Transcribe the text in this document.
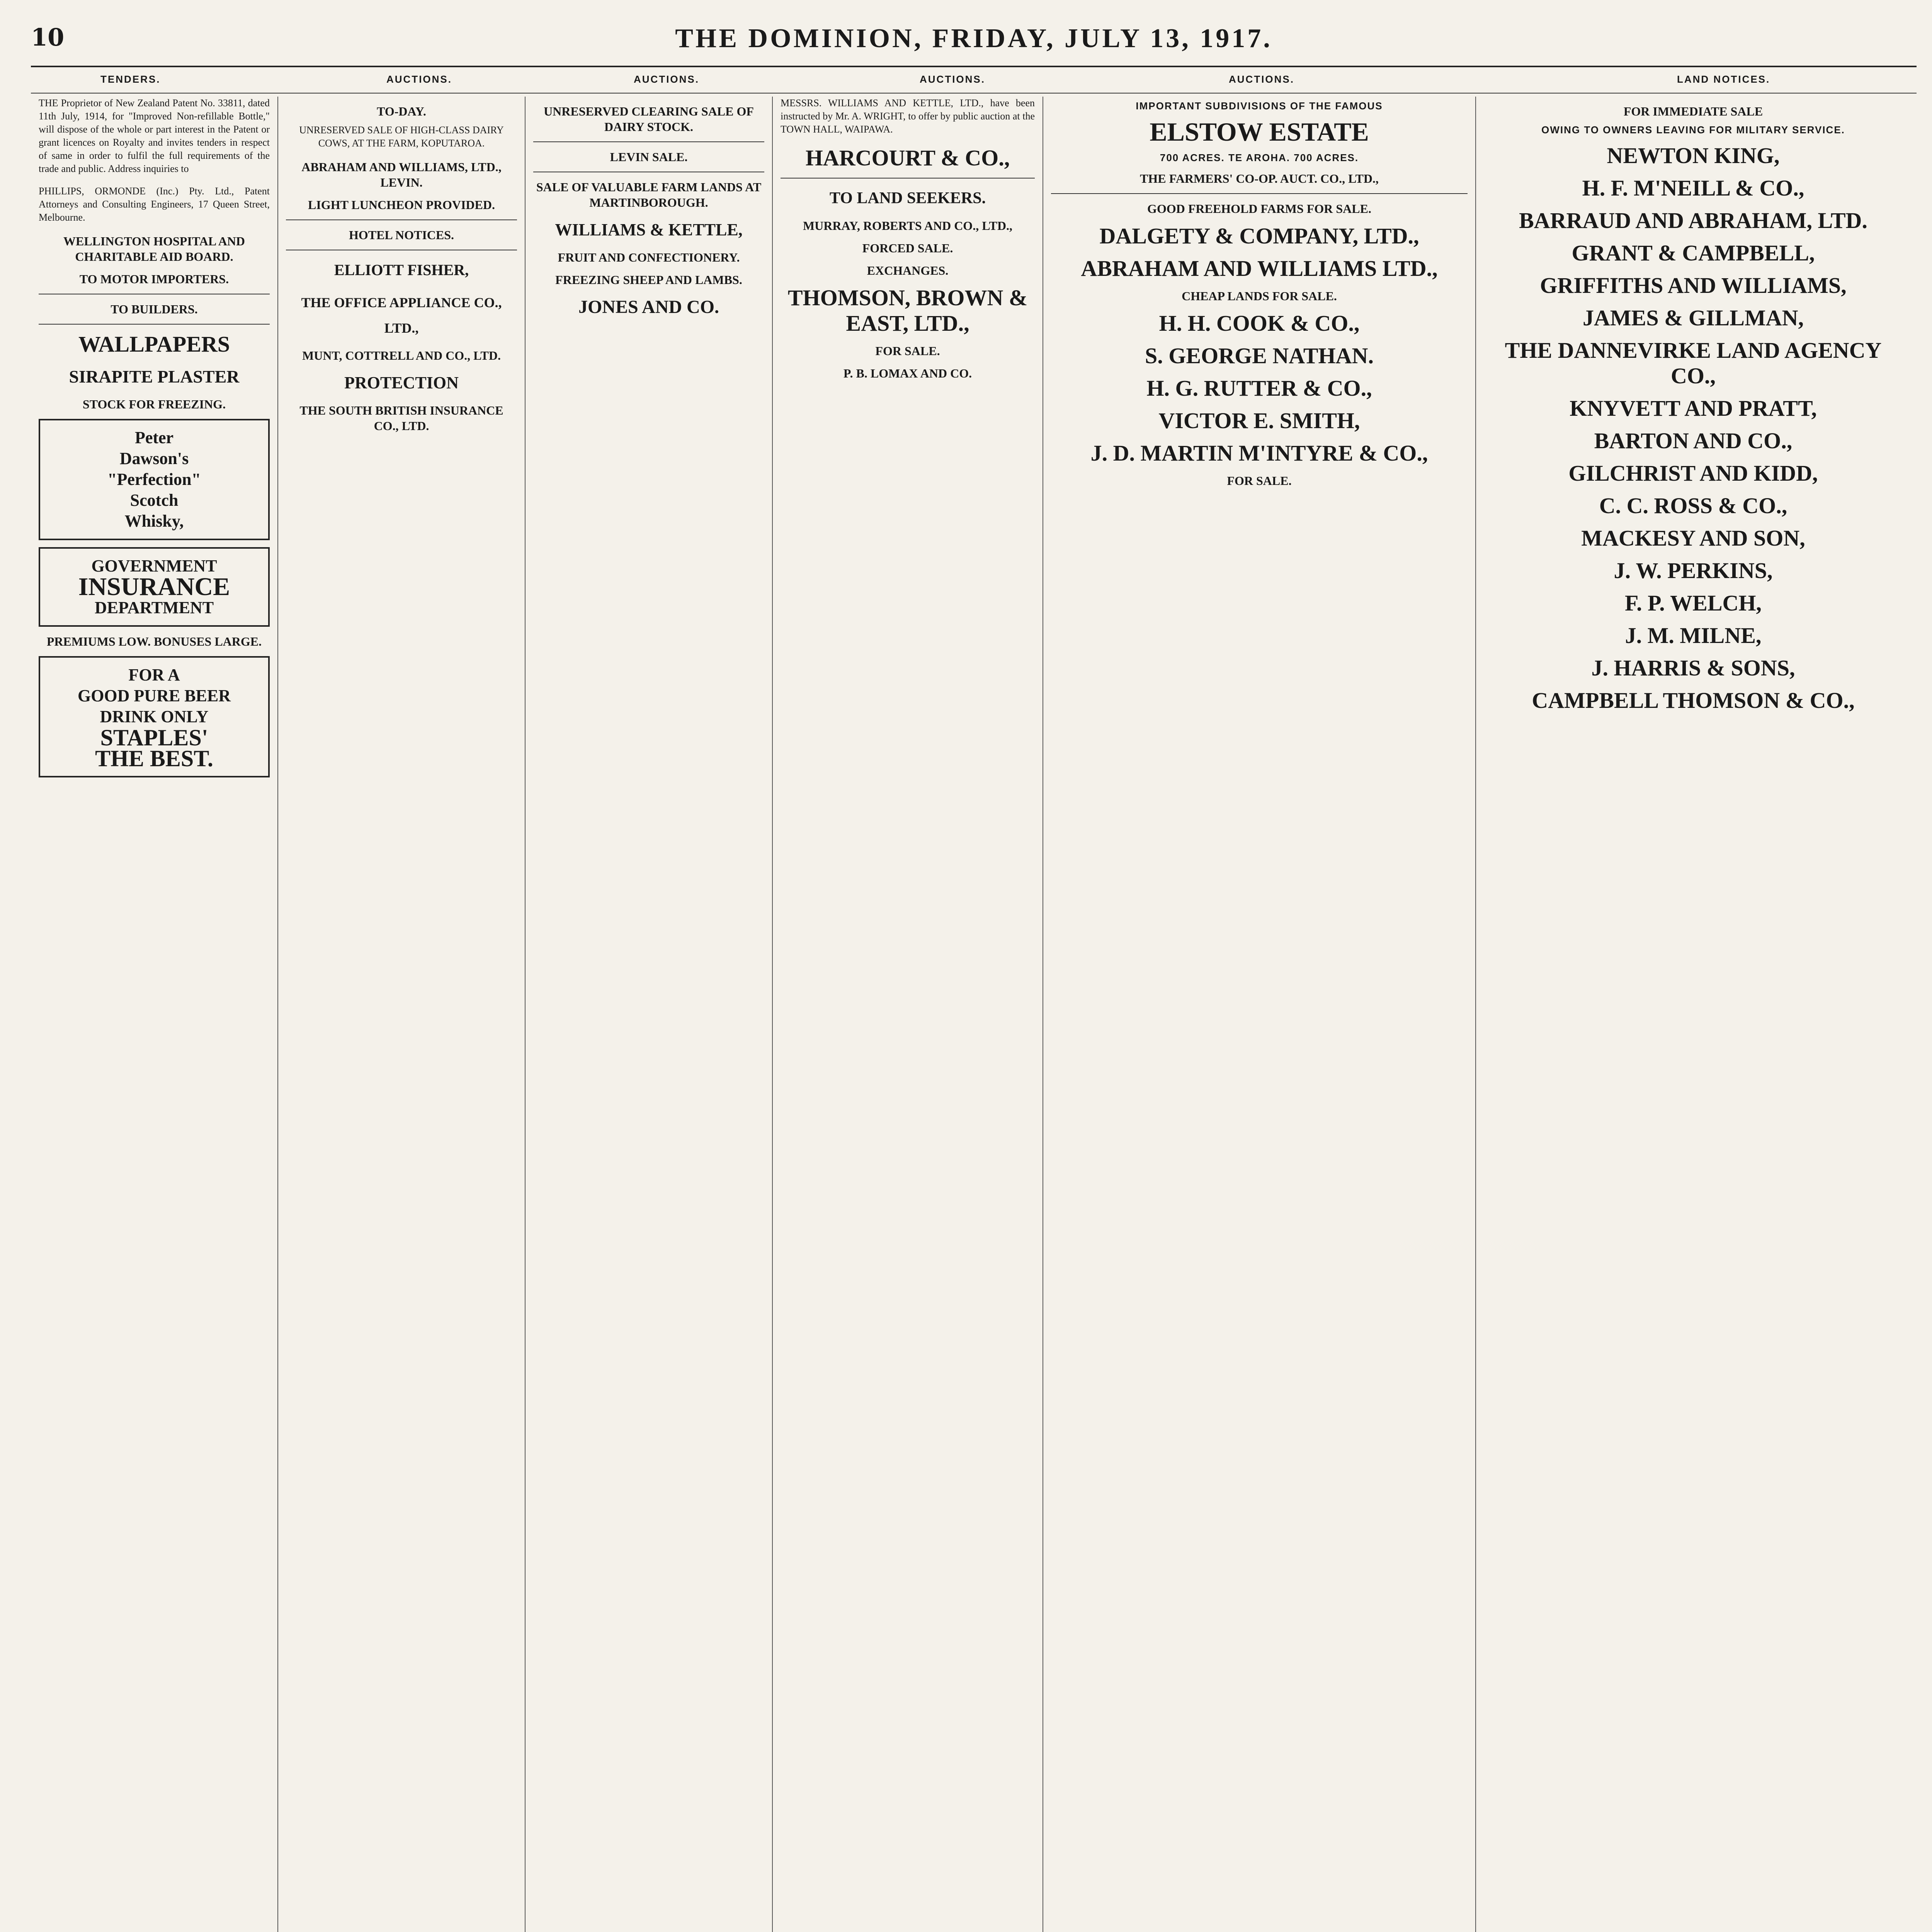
10	THE DOMINION, FRIDAY, JULY 13, 1917.
TENDERS.	AUCTIONS.	AUCTIONS.	AUCTIONS.	AUCTIONS.	LAND NOTICES.

THE Proprietor of New Zealand Patent No. 33811, dated 11th July, 1914, for "Improved Non-refillable Bottle," will dispose of the whole or part interest in the Patent or grant licences on Royalty and invites tenders in respect of same in order to fulfil the full requirements of the trade and public. Address inquiries to

PHILLIPS, ORMONDE (Inc.) Pty. Ltd., Patent Attorneys and Consulting Engineers, 17 Queen Street, Melbourne.

WELLINGTON HOSPITAL AND CHARITABLE AID BOARD.
TO MOTOR IMPORTERS.
TO BUILDERS.
WALLPAPERS
SIRAPITE PLASTER
STOCK FOR FREEZING.
Peter
Dawson's
"Perfection"
Scotch
Whisky,
GOVERNMENT
INSURANCE
DEPARTMENT
PREMIUMS LOW. BONUSES LARGE.
FOR A
GOOD PURE BEER
DRINK ONLY
STAPLES'
THE BEST.
TO-DAY.

UNRESERVED SALE OF HIGH-CLASS DAIRY COWS, AT THE FARM, KOPUTAROA.

ABRAHAM AND WILLIAMS, LTD., LEVIN.
LIGHT LUNCHEON PROVIDED.
HOTEL NOTICES.
ELLIOTT FISHER,
THE OFFICE APPLIANCE CO., LTD.,
MUNT, COTTRELL AND CO., LTD.
PROTECTION
THE SOUTH BRITISH INSURANCE CO., LTD.
UNRESERVED CLEARING SALE OF DAIRY STOCK.
LEVIN SALE.
SALE OF VALUABLE FARM LANDS AT MARTINBOROUGH.
WILLIAMS & KETTLE,
FRUIT AND CONFECTIONERY.
FREEZING SHEEP AND LAMBS.
JONES AND CO.

MESSRS. WILLIAMS AND KETTLE, LTD., have been instructed by Mr. A. WRIGHT, to offer by public auction at the TOWN HALL, WAIPAWA.

HARCOURT & CO.,
TO LAND SEEKERS.
MURRAY, ROBERTS AND CO., LTD.,
FORCED SALE.
EXCHANGES.
THOMSON, BROWN & EAST, LTD.,
FOR SALE.
P. B. LOMAX AND CO.
IMPORTANT SUBDIVISIONS OF THE FAMOUS
ELSTOW ESTATE
700 ACRES. TE AROHA. 700 ACRES.
THE FARMERS' CO-OP. AUCT. CO., LTD.,
GOOD FREEHOLD FARMS FOR SALE.
DALGETY & COMPANY, LTD.,
ABRAHAM AND WILLIAMS LTD.,
CHEAP LANDS FOR SALE.
H. H. COOK & CO.,
S. GEORGE NATHAN.
H. G. RUTTER & CO.,
VICTOR E. SMITH,
J. D. MARTIN M'INTYRE & CO.,
FOR SALE.
FOR IMMEDIATE SALE
OWING TO OWNERS LEAVING FOR MILITARY SERVICE.
NEWTON KING,
H. F. M'NEILL & CO.,
BARRAUD AND ABRAHAM, LTD.
GRANT & CAMPBELL,
GRIFFITHS AND WILLIAMS,
JAMES & GILLMAN,
THE DANNEVIRKE LAND AGENCY CO.,
KNYVETT AND PRATT,
BARTON AND CO.,
GILCHRIST AND KIDD,
C. C. ROSS & CO.,
MACKESY AND SON,
J. W. PERKINS,
F. P. WELCH,
J. M. MILNE,
J. HARRIS & SONS,
CAMPBELL THOMSON & CO.,
